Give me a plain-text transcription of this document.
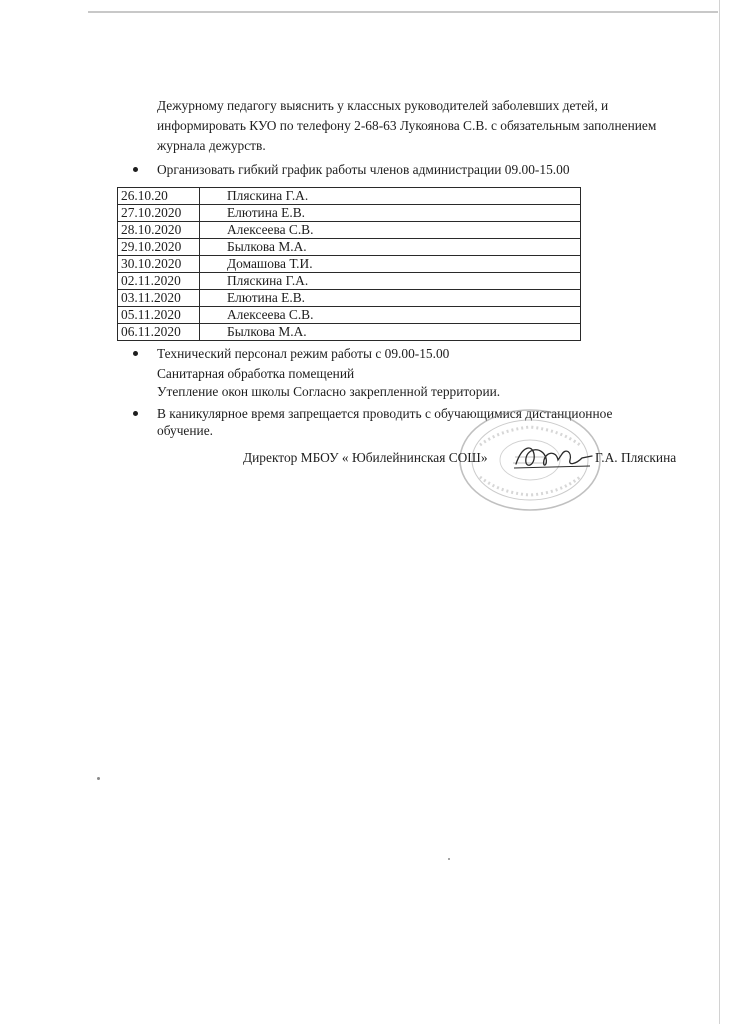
Дежурному педагогу выяснить у классных руководителей заболевших детей, и информировать КУО по телефону 2-68-63 Лукоянова С.В. с обязательным заполнением журнала дежурств.

Организовать гибкий график работы членов администрации 09.00-15.00
26.10.20	Пляскина Г.А.
27.10.2020	Елютина Е.В.
28.10.2020	Алексеева С.В.
29.10.2020	Былкова М.А.
30.10.2020	Домашова Т.И.
02.11.2020	Пляскина Г.А.
03.11.2020	Елютина Е.В.
05.11.2020	Алексеева С.В.
06.11.2020	Былкова М.А.
Технический персонал режим работы с 09.00-15.00
Санитарная обработка помещений
Утепление окон школы Согласно закрепленной территории.
В каникулярное время запрещается проводить с обучающимися дистанционное
обучение.
Директор МБОУ « Юбилейнинская СОШ»	Г.А. Пляскина
